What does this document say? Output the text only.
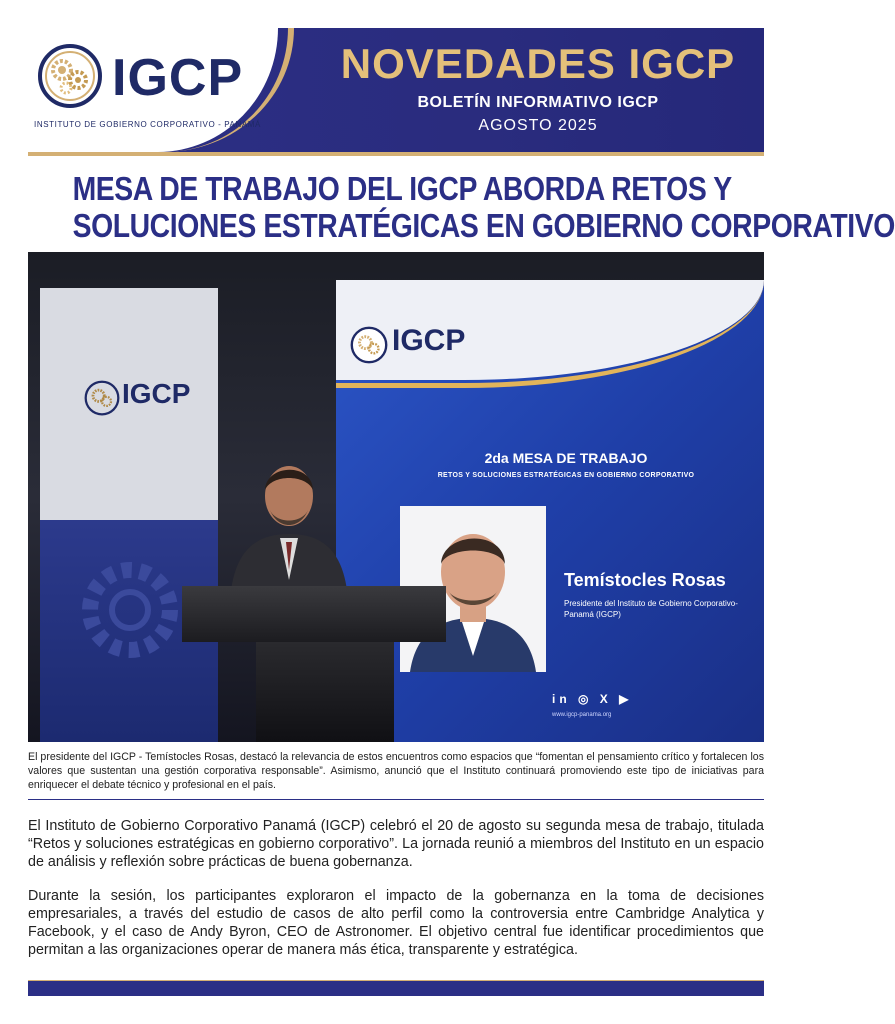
IGCP
INSTITUTO DE GOBIERNO CORPORATIVO - PANAMÁ
NOVEDADES IGCP
BOLETÍN INFORMATIVO IGCP
AGOSTO 2025
MESA DE TRABAJO DEL IGCP ABORDA RETOS Y
SOLUCIONES ESTRATÉGICAS EN GOBIERNO CORPORATIVO
IGCP
IGCP
2da MESA DE TRABAJO
RETOS Y SOLUCIONES ESTRATÉGICAS EN GOBIERNO CORPORATIVO
Temístocles Rosas
Presidente del Instituto de Gobierno Corporativo-Panamá (IGCP)
in ◎ X ▶
www.igcp-panama.org
El presidente del IGCP - Temístocles Rosas, destacó la relevancia de estos encuentros como espacios que “fomentan el pensamiento crítico y fortalecen los valores que sustentan una gestión corporativa responsable”. Asimismo, anunció que el Instituto continuará promoviendo este tipo de iniciativas para enriquecer el debate técnico y profesional en el país.
El Instituto de Gobierno Corporativo Panamá (IGCP) celebró el 20 de agosto su segunda mesa de trabajo, titulada “Retos y soluciones estratégicas en gobierno corporativo”. La jornada reunió a miembros del Instituto en un espacio de análisis y reflexión sobre prácticas de buena gobernanza.
Durante la sesión, los participantes exploraron el impacto de la gobernanza en la toma de decisiones empresariales, a través del estudio de casos de alto perfil como la controversia entre Cambridge Analytica y Facebook, y el caso de Andy Byron, CEO de Astronomer. El objetivo central fue identificar procedimientos que permitan a las organizaciones operar de manera más ética, transparente y estratégica.
